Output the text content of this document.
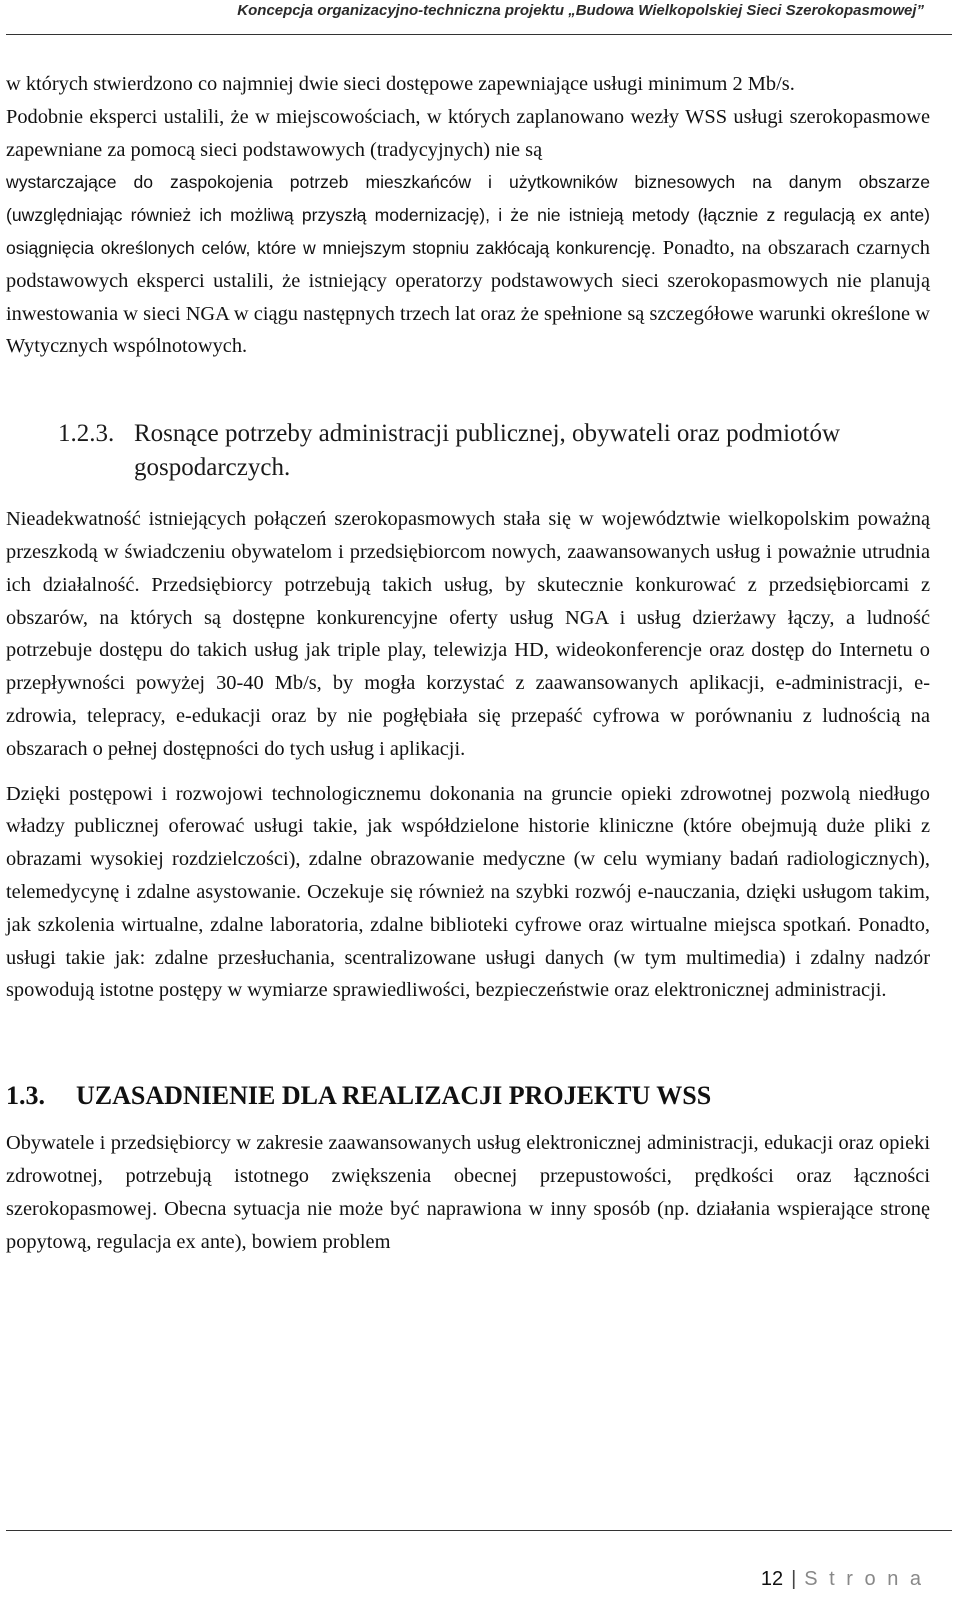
Koncepcja organizacyjno-techniczna projektu „Budowa Wielkopolskiej Sieci Szerokopasmowej”

w których stwierdzono co najmniej dwie sieci dostępowe zapewniające usługi minimum 2 Mb/s.

Podobnie eksperci ustalili, że w miejscowościach, w których zaplanowano wezły WSS usługi szerokopasmowe zapewniane za pomocą sieci podstawowych (tradycyjnych) nie są

wystarczające do zaspokojenia potrzeb mieszkańców i użytkowników biznesowych na danym obszarze (uwzględniając również ich możliwą przyszłą modernizację), i że nie istnieją metody (łącznie z regulacją ex ante) osiągnięcia określonych celów, które w mniejszym stopniu zakłócają konkurencję. Ponadto, na obszarach czarnych podstawowych eksperci ustalili, że istniejący operatorzy podstawowych sieci szerokopasmowych nie planują inwestowania w sieci NGA w ciągu następnych trzech lat oraz że spełnione są szczegółowe warunki określone w Wytycznych wspólnotowych.

1.2.3. Rosnące potrzeby administracji publicznej, obywateli oraz podmiotów gospodarczych.

Nieadekwatność istniejących połączeń szerokopasmowych stała się w województwie wielkopolskim poważną przeszkodą w świadczeniu obywatelom i przedsiębiorcom nowych, zaawansowanych usług i poważnie utrudnia ich działalność. Przedsiębiorcy potrzebują takich usług, by skutecznie konkurować z przedsiębiorcami z obszarów, na których są dostępne konkurencyjne oferty usług NGA i usług dzierżawy łączy, a ludność potrzebuje dostępu do takich usług jak triple play, telewizja HD, wideokonferencje oraz dostęp do Internetu o przepływności powyżej 30-40 Mb/s, by mogła korzystać z zaawansowanych aplikacji, e-administracji, e-zdrowia, telepracy, e-edukacji oraz by nie pogłębiała się przepaść cyfrowa w porównaniu z ludnością na obszarach o pełnej dostępności do tych usług i aplikacji.

Dzięki postępowi i rozwojowi technologicznemu dokonania na gruncie opieki zdrowotnej pozwolą niedługo władzy publicznej oferować usługi takie, jak współdzielone historie kliniczne (które obejmują duże pliki z obrazami wysokiej rozdzielczości), zdalne obrazowanie medyczne (w celu wymiany badań radiologicznych), telemedycynę i zdalne asystowanie. Oczekuje się również na szybki rozwój e-nauczania, dzięki usługom takim, jak szkolenia wirtualne, zdalne laboratoria, zdalne biblioteki cyfrowe oraz wirtualne miejsca spotkań. Ponadto, usługi takie jak: zdalne przesłuchania, scentralizowane usługi danych (w tym multimedia) i zdalny nadzór spowodują istotne postępy w wymiarze sprawiedliwości, bezpieczeństwie oraz elektronicznej administracji.

1.3.	UZASADNIENIE DLA REALIZACJI PROJEKTU WSS

Obywatele i przedsiębiorcy w zakresie zaawansowanych usług elektronicznej administracji, edukacji oraz opieki zdrowotnej, potrzebują istotnego zwiększenia obecnej przepustowości, prędkości oraz łączności szerokopasmowej. Obecna sytuacja nie może być naprawiona w inny sposób (np. działania wspierające stronę popytową, regulacja ex ante), bowiem problem

12 | S t r o n a
